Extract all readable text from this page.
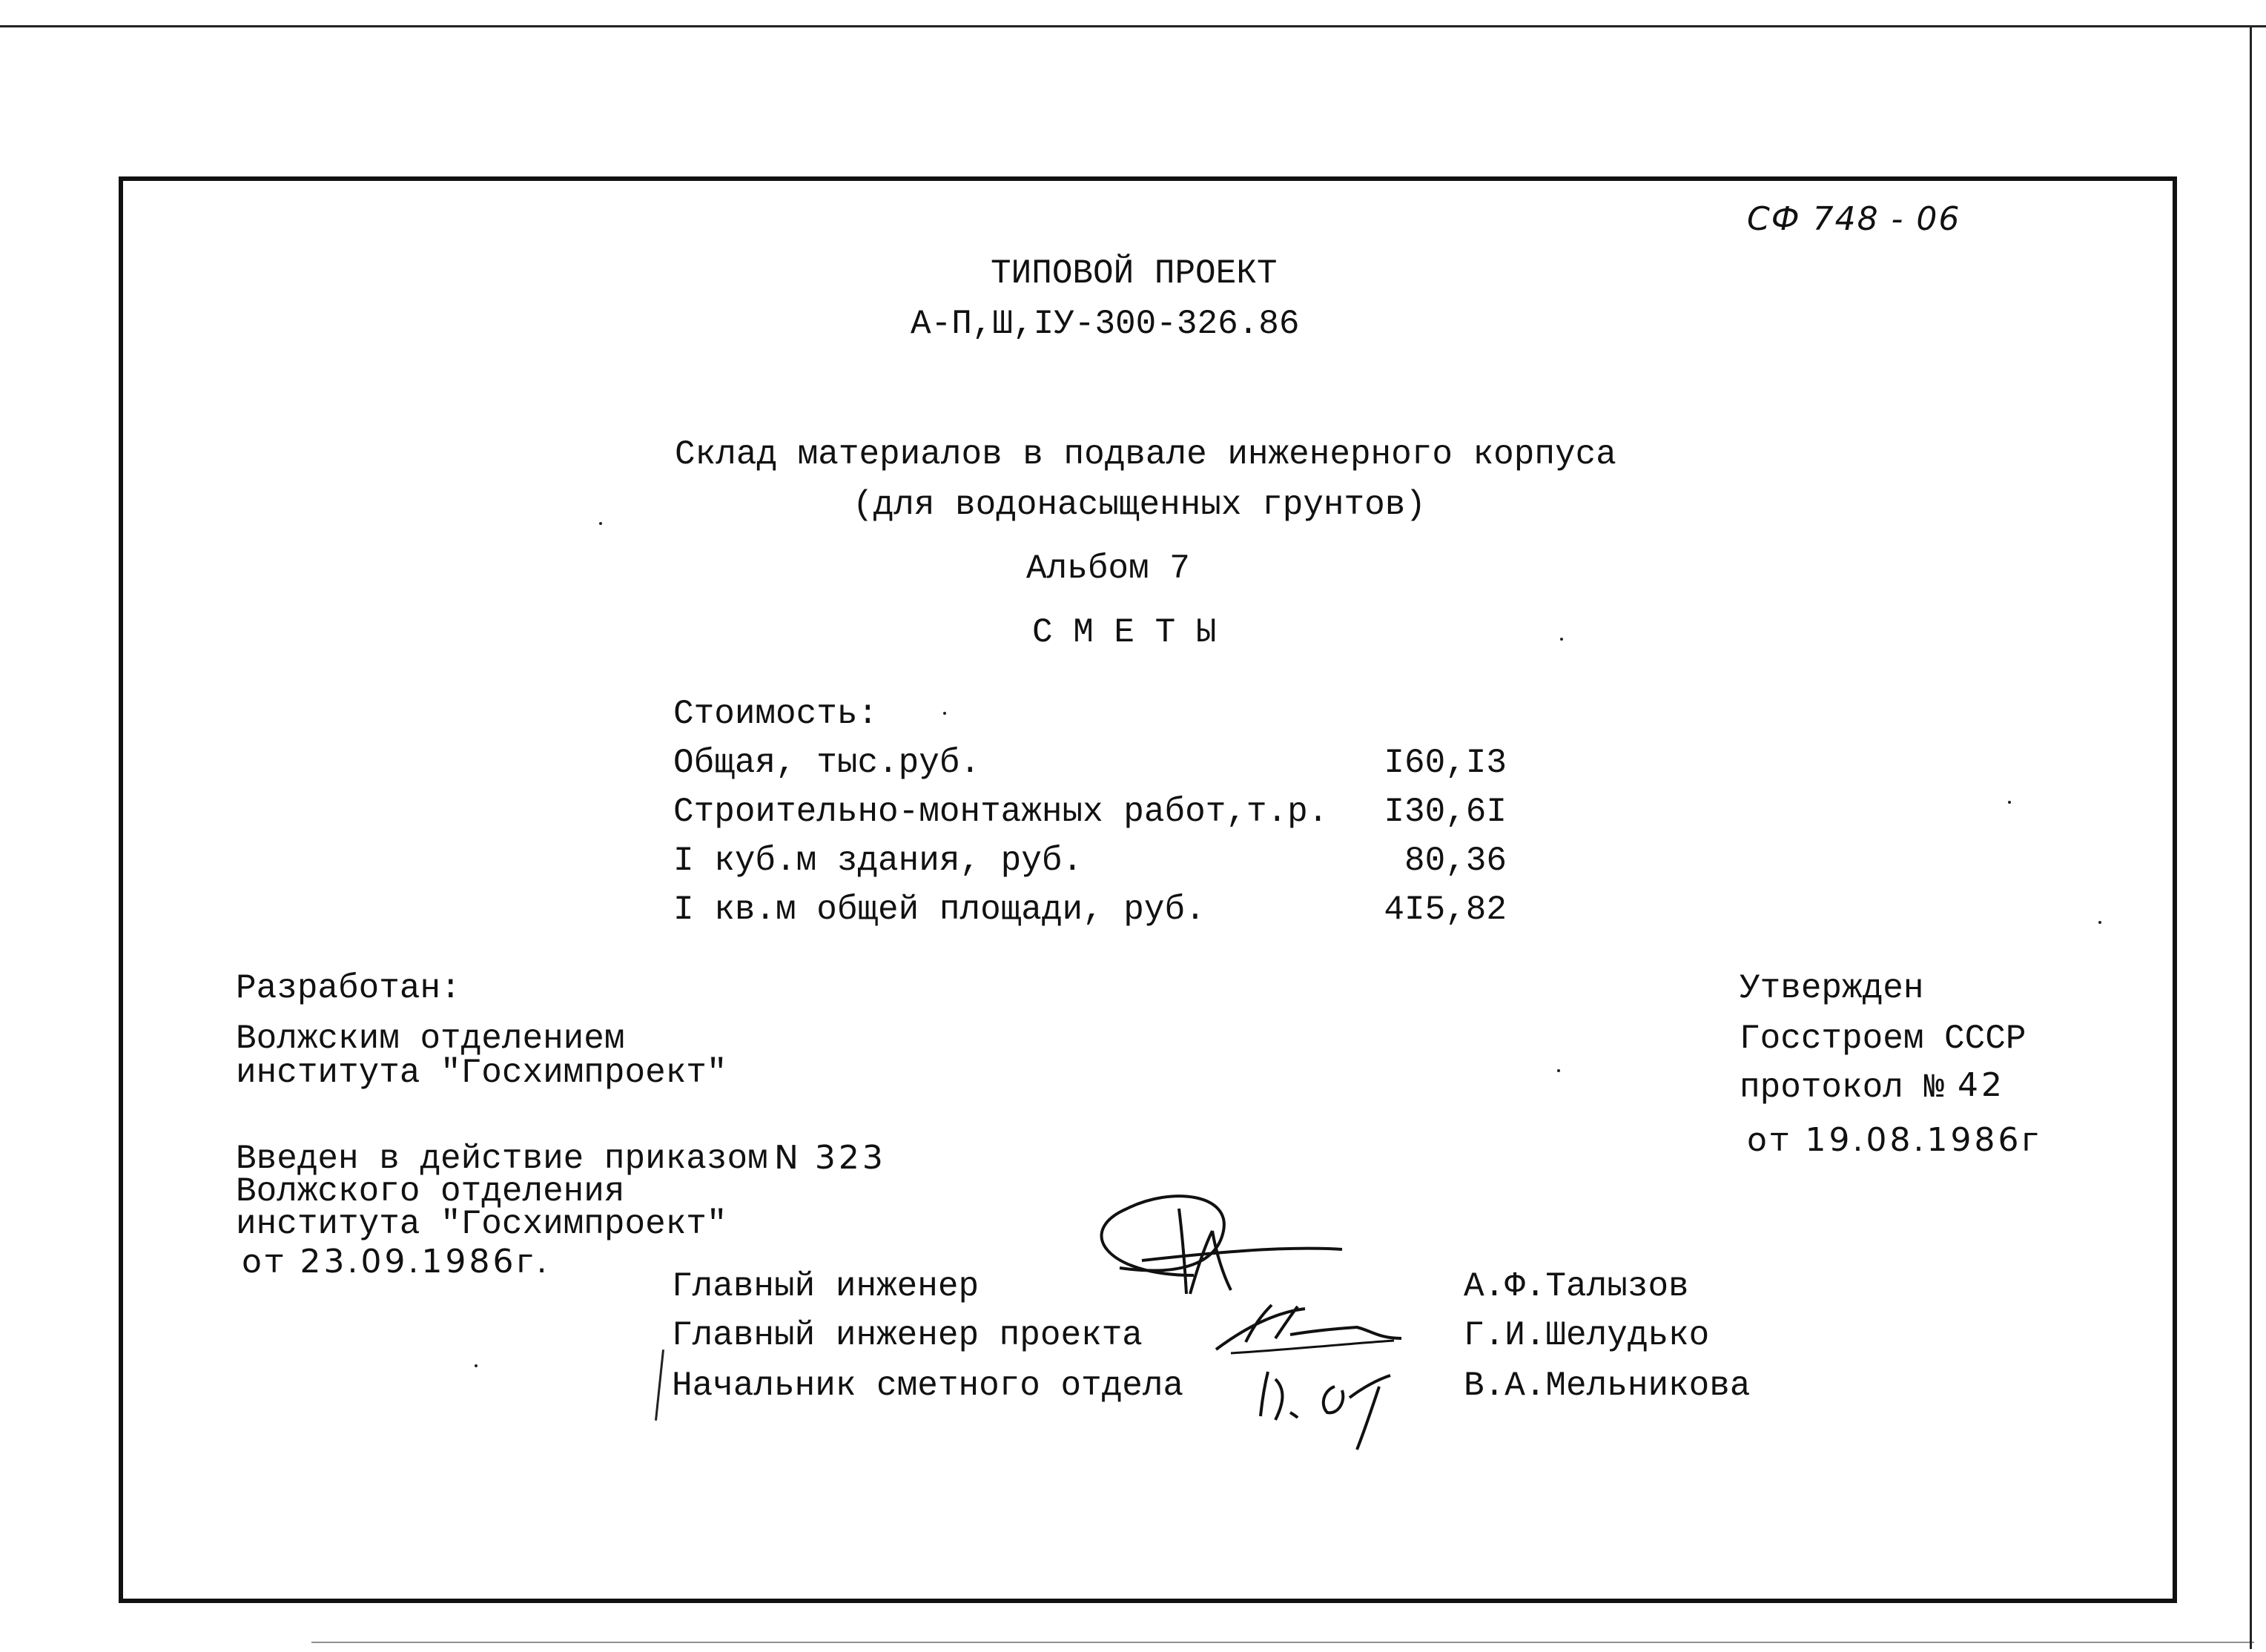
СФ 748 - 06
ТИПОВОЙ ПРОЕКТ
А-П,Ш,IУ-300-326.86
Склад материалов в подвале инженерного корпуса
(для водонасыщенных грунтов)
Альбом 7
С М Е Т Ы
Стоимость:
Общая, тыс.руб.	I60,I3
Строительно-монтажных работ,т.р.	I30,6I
I куб.м здания, руб.	80,36
I кв.м общей площади, руб.	4I5,82
Разработан:
Волжским отделением
института "Госхимпроект"
Введен в действие приказом N 323
Волжского отделения
института "Госхимпроект"
от 23.09.1986г.
Утвержден
Госстроем СССР
протокол № 42
от 19.08.1986г
Главный инженер	А.Ф.Талызов
Главный инженер проекта	Г.И.Шелудько
Начальник сметного отдела	В.А.Мельникова
